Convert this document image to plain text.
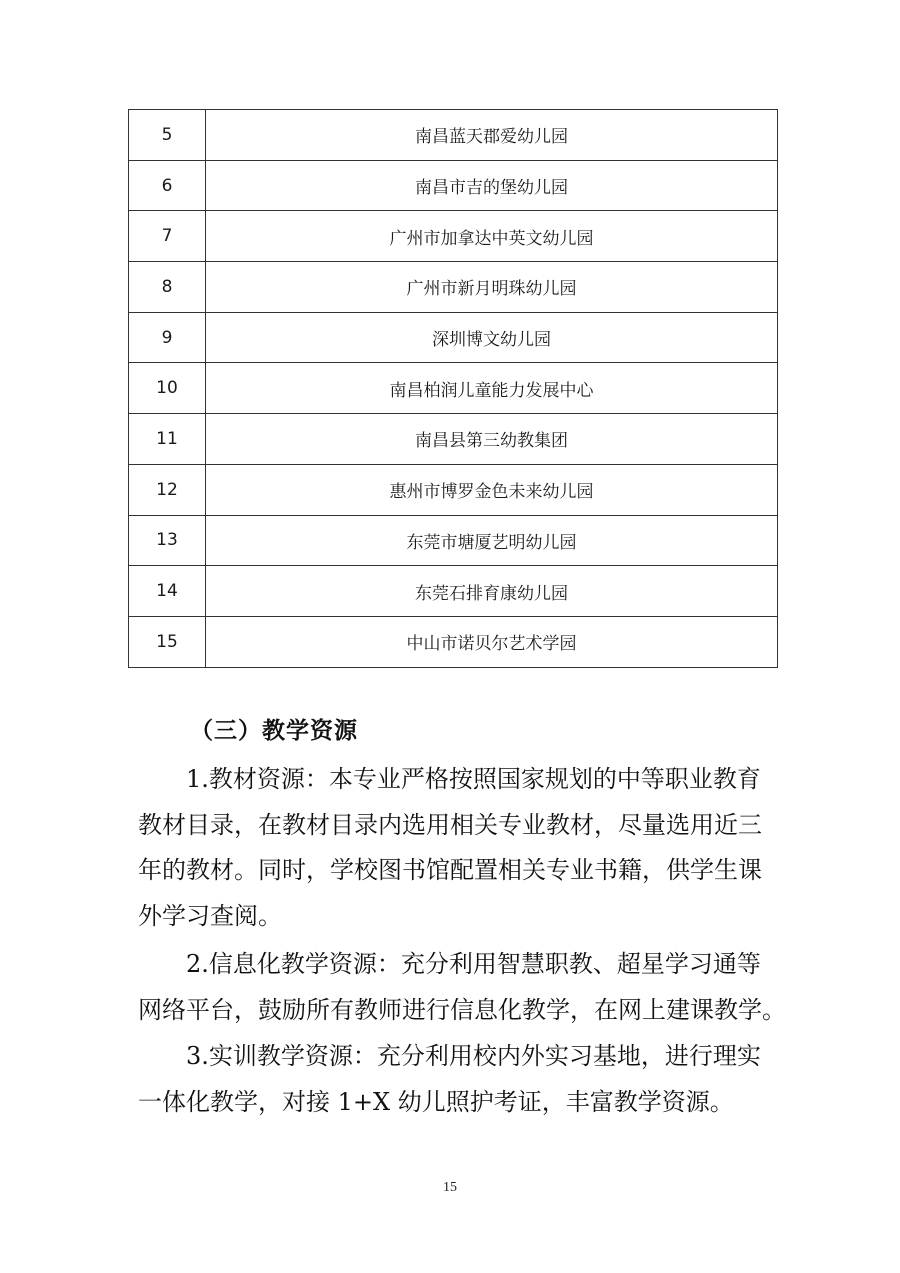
5	南昌蓝天郡爱幼儿园
6	南昌市吉的堡幼儿园
7	广州市加拿达中英文幼儿园
8	广州市新月明珠幼儿园
9	深圳博文幼儿园
10	南昌柏润儿童能力发展中心
11	南昌县第三幼教集团
12	惠州市博罗金色未来幼儿园
13	东莞市塘厦艺明幼儿园
14	东莞石排育康幼儿园
15	中山市诺贝尔艺术学园
（三）教学资源
1.教材资源：本专业严格按照国家规划的中等职业教育
教材目录，在教材目录内选用相关专业教材，尽量选用近三
年的教材。同时，学校图书馆配置相关专业书籍，供学生课
外学习查阅。
2.信息化教学资源：充分利用智慧职教、超星学习通等
网络平台，鼓励所有教师进行信息化教学，在网上建课教学。
3.实训教学资源：充分利用校内外实习基地，进行理实
一体化教学，对接 1+X 幼儿照护考证，丰富教学资源。
15
